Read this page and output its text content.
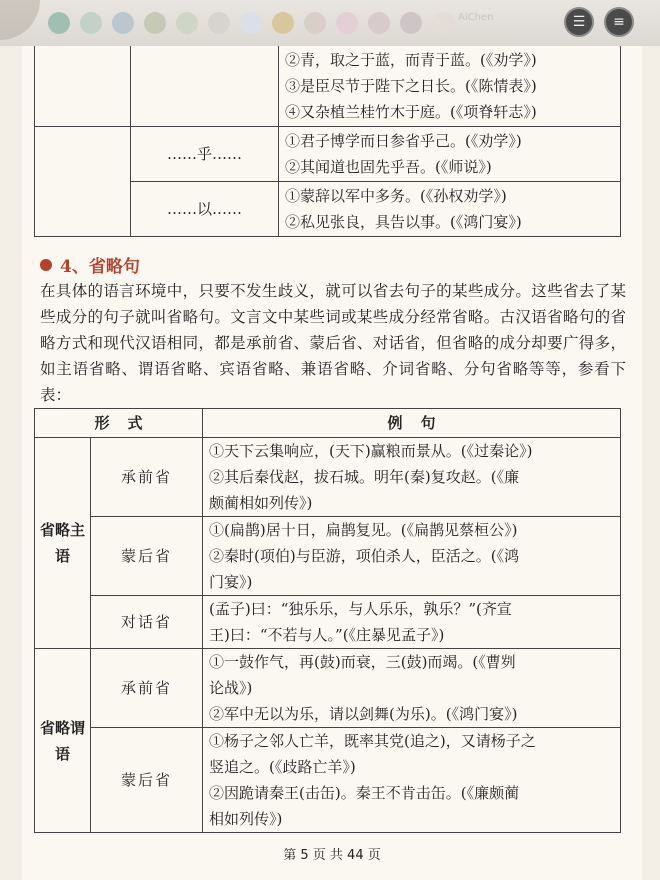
AiChen	☰	≡

		②青，取之于蓝，而青于蓝。(《劝学》)
③是臣尽节于陛下之日长。(《陈情表》)
④又杂植兰桂竹木于庭。(《项脊轩志》)

	……乎……	①君子博学而日参省乎己。(《劝学》)
②其闻道也固先乎吾。(《师说》)

	……以……	①蒙辞以军中多务。(《孙权劝学》)
②私见张良，具告以事。(《鸿门宴》)
4、省略句
在具体的语言环境中，只要不发生歧义，就可以省去句子的某些成分。这些省去了某些成分的句子就叫省略句。文言文中某些词或某些成分经常省略。古汉语省略句的省略方式和现代汉语相同，都是承前省、蒙后省、对话省，但省略的成分却要广得多，如主语省略、谓语省略、宾语省略、兼语省略、介词省略、分句省略等等，参看下表：
形式		例句
省略主语	承前省	①天下云集响应，(天下)赢粮而景从。(《过秦论》)
②其后秦伐赵，拔石城。明年(秦)复攻赵。(《廉
颇蔺相如列传》)

	蒙后省	①(扁鹊)居十日，扁鹊复见。(《扁鹊见蔡桓公》)
②秦时(项伯)与臣游，项伯杀人，臣活之。(《鸿
门宴》)

	对话省	(孟子)曰：“独乐乐，与人乐乐，孰乐？”(齐宣
王)曰：“不若与人。”(《庄暴见孟子》)

省略谓语	承前省	①一鼓作气，再(鼓)而衰，三(鼓)而竭。(《曹刿
论战》)
②军中无以为乐，请以剑舞(为乐)。(《鸿门宴》)

	蒙后省	①杨子之邻人亡羊，既率其党(追之)，又请杨子之
竖追之。(《歧路亡羊》)
②因跪请秦王(击缶)。秦王不肯击缶。(《廉颇蔺
相如列传》)
第 5 页 共 44 页
